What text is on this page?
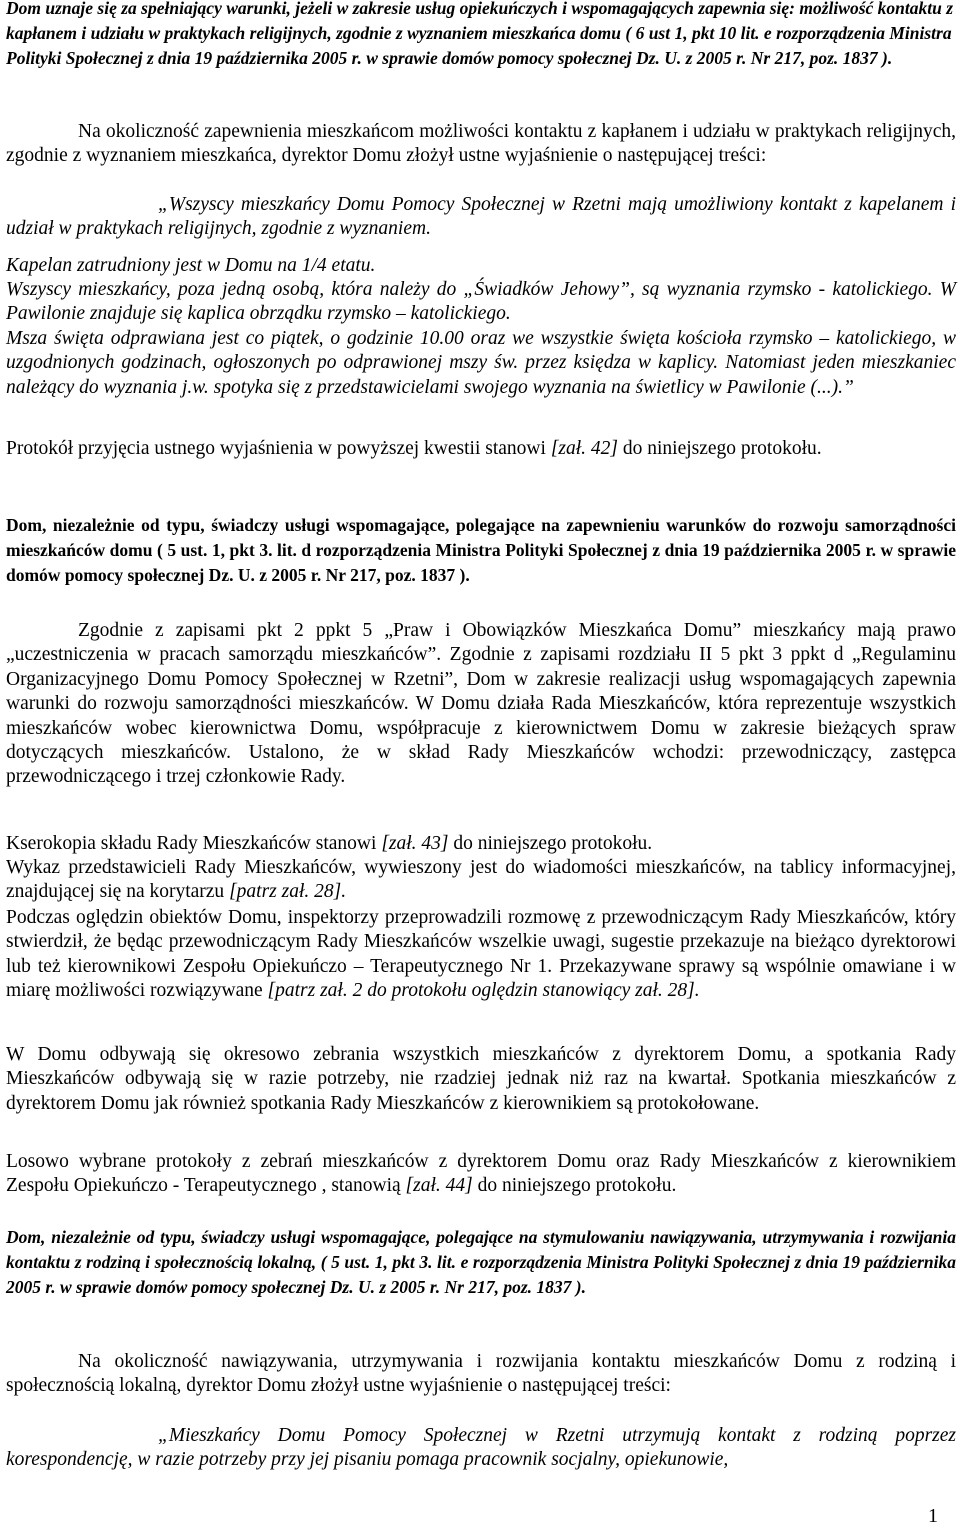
Dom uznaje się za spełniający warunki, jeżeli w zakresie usług opiekuńczych i wspomagających zapewnia się: możliwość kontaktu z kapłanem i udziału w praktykach religijnych, zgodnie z wyznaniem mieszkańca domu ( 6 ust 1, pkt 10 lit. e rozporządzenia Ministra Polityki Społecznej z dnia 19 października 2005 r. w sprawie domów pomocy społecznej Dz. U. z 2005 r. Nr 217, poz. 1837 ).

Na okoliczność zapewnienia mieszkańcom możliwości kontaktu z kapłanem i udziału w praktykach religijnych, zgodnie z wyznaniem mieszkańca, dyrektor Domu złożył ustne wyjaśnienie o następującej treści:

„Wszyscy mieszkańcy Domu Pomocy Społecznej w Rzetni mają umożliwiony kontakt z kapelanem i udział w praktykach religijnych, zgodnie z wyznaniem.

Kapelan zatrudniony jest w Domu na 1/4 etatu.

Wszyscy mieszkańcy, poza jedną osobą, która należy do „Świadków Jehowy”, są wyznania rzymsko - katolickiego. W Pawilonie znajduje się kaplica obrządku rzymsko – katolickiego.

Msza święta odprawiana jest co piątek, o godzinie 10.00 oraz we wszystkie święta kościoła rzymsko – katolickiego, w uzgodnionych godzinach, ogłoszonych po odprawionej mszy św. przez księdza w kaplicy. Natomiast jeden mieszkaniec należący do wyznania j.w. spotyka się z przedstawicielami swojego wyznania na świetlicy w Pawilonie (...).”

Protokół przyjęcia ustnego wyjaśnienia w powyższej kwestii stanowi [zał. 42] do niniejszego protokołu.

Dom, niezależnie od typu, świadczy usługi wspomagające, polegające na zapewnieniu warunków do rozwoju samorządności mieszkańców domu ( 5 ust. 1, pkt 3. lit. d rozporządzenia Ministra Polityki Społecznej z dnia 19 października 2005 r. w sprawie domów pomocy społecznej Dz. U. z 2005 r. Nr 217, poz. 1837 ).

Zgodnie z zapisami pkt 2 ppkt 5 „Praw i Obowiązków Mieszkańca Domu” mieszkańcy mają prawo „uczestniczenia w pracach samorządu mieszkańców”. Zgodnie z zapisami rozdziału II 5 pkt 3 ppkt d „Regulaminu Organizacyjnego Domu Pomocy Społecznej w Rzetni”, Dom w zakresie realizacji usług wspomagających zapewnia warunki do rozwoju samorządności mieszkańców. W Domu działa Rada Mieszkańców, która reprezentuje wszystkich mieszkańców wobec kierownictwa Domu, współpracuje z kierownictwem Domu w zakresie bieżących spraw dotyczących mieszkańców. Ustalono, że w skład Rady Mieszkańców wchodzi: przewodniczący, zastępca przewodniczącego i trzej członkowie Rady.

Kserokopia składu Rady Mieszkańców stanowi [zał. 43] do niniejszego protokołu.

Wykaz przedstawicieli Rady Mieszkańców, wywieszony jest do wiadomości mieszkańców, na tablicy informacyjnej, znajdującej się na korytarzu [patrz zał. 28].

Podczas oględzin obiektów Domu, inspektorzy przeprowadzili rozmowę z przewodniczącym Rady Mieszkańców, który stwierdził, że będąc przewodniczącym Rady Mieszkańców wszelkie uwagi, sugestie przekazuje na bieżąco dyrektorowi lub też kierownikowi Zespołu Opiekuńczo – Terapeutycznego Nr 1. Przekazywane sprawy są wspólnie omawiane i w miarę możliwości rozwiązywane [patrz zał. 2 do protokołu oględzin stanowiący zał. 28].

W Domu odbywają się okresowo zebrania wszystkich mieszkańców z dyrektorem Domu, a spotkania Rady Mieszkańców odbywają się w razie potrzeby, nie rzadziej jednak niż raz na kwartał. Spotkania mieszkańców z dyrektorem Domu jak również spotkania Rady Mieszkańców z kierownikiem są protokołowane.

Losowo wybrane protokoły z zebrań mieszkańców z dyrektorem Domu oraz Rady Mieszkańców z kierownikiem Zespołu Opiekuńczo - Terapeutycznego , stanowią [zał. 44] do niniejszego protokołu.

Dom, niezależnie od typu, świadczy usługi wspomagające, polegające na stymulowaniu nawiązywania, utrzymywania i rozwijania kontaktu z rodziną i społecznością lokalną, ( 5 ust. 1, pkt 3. lit. e rozporządzenia Ministra Polityki Społecznej z dnia 19 października 2005 r. w sprawie domów pomocy społecznej Dz. U. z 2005 r. Nr 217, poz. 1837 ).

Na okoliczność nawiązywania, utrzymywania i rozwijania kontaktu mieszkańców Domu z rodziną i społecznością lokalną, dyrektor Domu złożył ustne wyjaśnienie o następującej treści:

„Mieszkańcy Domu Pomocy Społecznej w Rzetni utrzymują kontakt z rodziną poprzez korespondencję, w razie potrzeby przy jej pisaniu pomaga pracownik socjalny, opiekunowie,

1
